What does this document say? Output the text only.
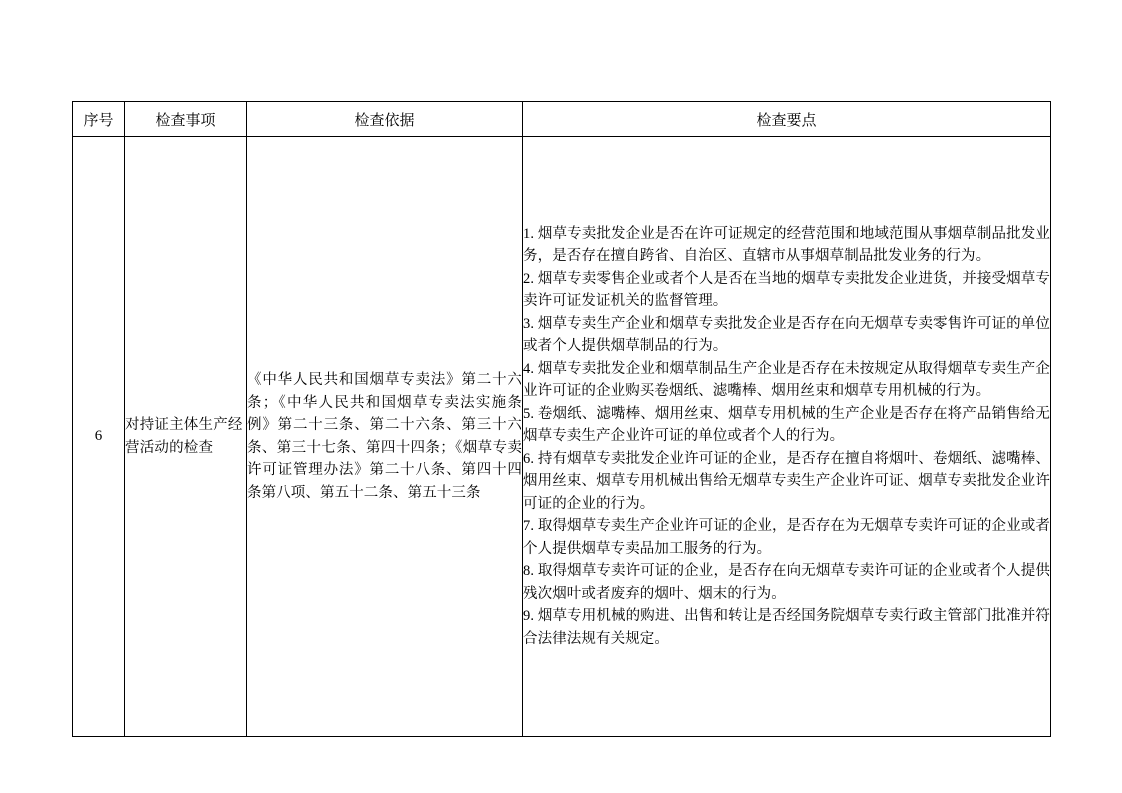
序号	检查事项	检查依据	检查要点
6	对持证主体生产经营活动的检查	《中华人民共和国烟草专卖法》第二十六条；《中华人民共和国烟草专卖法实施条例》第二十三条、第二十六条、第三十六条、第三十七条、第四十四条；《烟草专卖许可证管理办法》第二十八条、第四十四条第八项、第五十二条、第五十三条	
1. 烟草专卖批发企业是否在许可证规定的经营范围和地域范围从事烟草制品批发业务，是否存在擅自跨省、自治区、直辖市从事烟草制品批发业务的行为。
2. 烟草专卖零售企业或者个人是否在当地的烟草专卖批发企业进货，并接受烟草专卖许可证发证机关的监督管理。
3. 烟草专卖生产企业和烟草专卖批发企业是否存在向无烟草专卖零售许可证的单位或者个人提供烟草制品的行为。
4. 烟草专卖批发企业和烟草制品生产企业是否存在未按规定从取得烟草专卖生产企业许可证的企业购买卷烟纸、滤嘴棒、烟用丝束和烟草专用机械的行为。
5. 卷烟纸、滤嘴棒、烟用丝束、烟草专用机械的生产企业是否存在将产品销售给无烟草专卖生产企业许可证的单位或者个人的行为。
6. 持有烟草专卖批发企业许可证的企业，是否存在擅自将烟叶、卷烟纸、滤嘴棒、烟用丝束、烟草专用机械出售给无烟草专卖生产企业许可证、烟草专卖批发企业许可证的企业的行为。
7. 取得烟草专卖生产企业许可证的企业，是否存在为无烟草专卖许可证的企业或者个人提供烟草专卖品加工服务的行为。
8. 取得烟草专卖许可证的企业，是否存在向无烟草专卖许可证的企业或者个人提供残次烟叶或者废弃的烟叶、烟末的行为。
9. 烟草专用机械的购进、出售和转让是否经国务院烟草专卖行政主管部门批准并符合法律法规有关规定。
